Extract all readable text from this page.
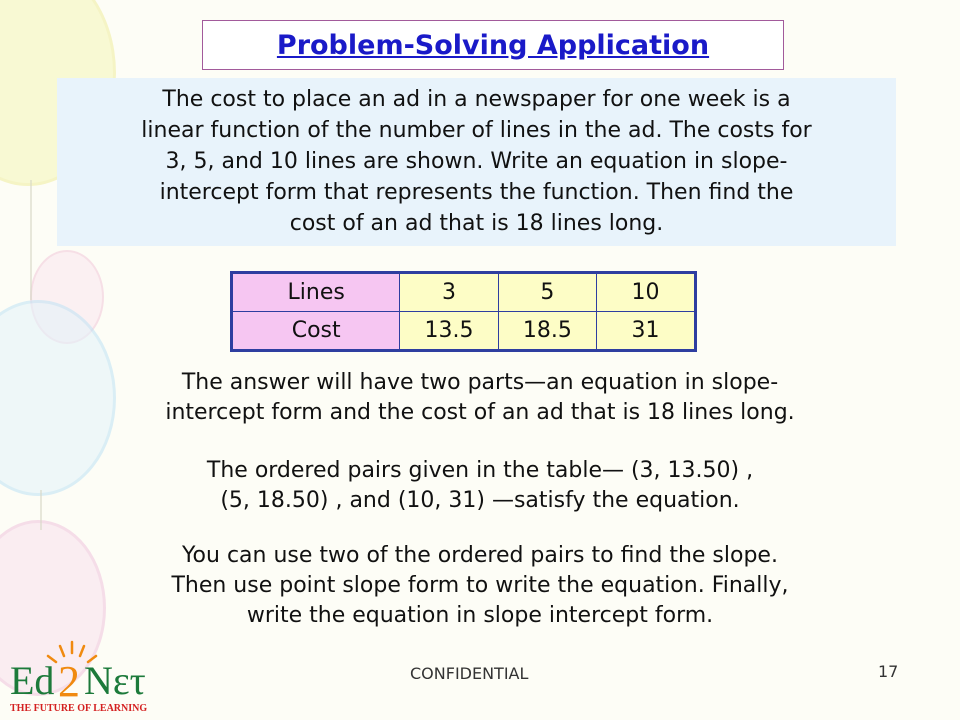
Problem-Solving Application
The cost to place an ad in a newspaper for one week is a
linear function of the number of lines in the ad. The costs for
3, 5, and 10 lines are shown. Write an equation in slope-
intercept form that represents the function. Then find the
cost of an ad that is 18 lines long.
Lines	3	5	10
Cost	13.5	18.5	31
The answer will have two parts—an equation in slope-
intercept form and the cost of an ad that is 18 lines long.
The ordered pairs given in the table— (3, 13.50) ,
(5, 18.50) , and (10, 31) —satisfy the equation.
You can use two of the ordered pairs to find the slope.
Then use point slope form to write the equation. Finally,
write the equation in slope intercept form.
CONFIDENTIAL	17
Ed 2 Nετ
THE FUTURE OF LEARNING
